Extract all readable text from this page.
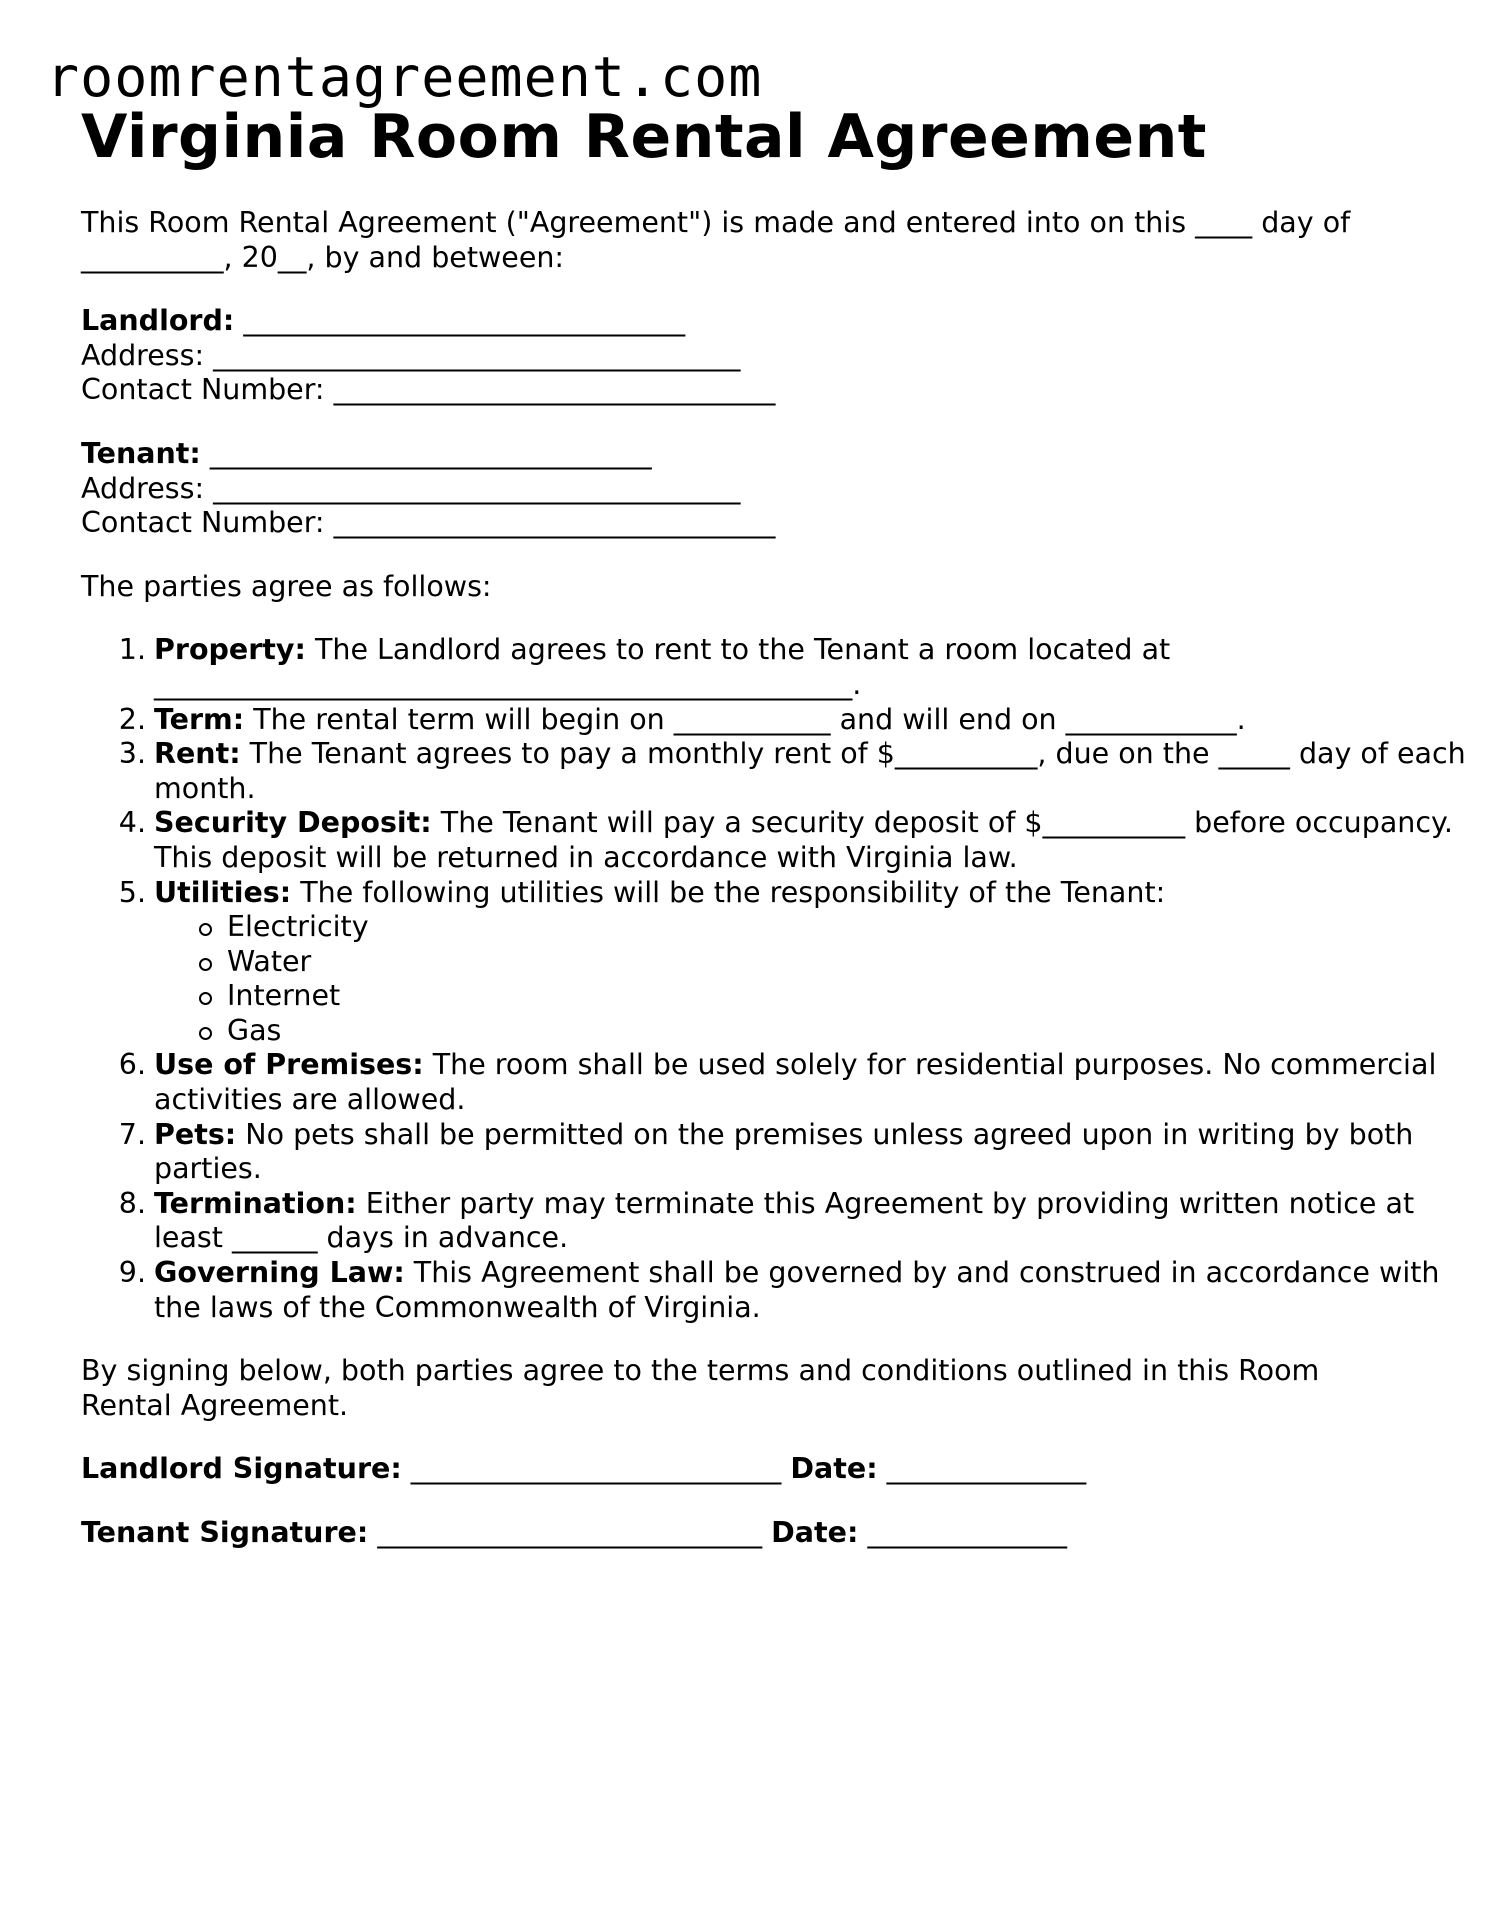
roomrentagreement.com
Virginia Room Rental Agreement

This Room Rental Agreement ("Agreement") is made and entered into on this ____ day of
__________, 20__, by and between:

Landlord: _______________________________
Address: _____________________________________
Contact Number: _______________________________
Tenant: _______________________________
Address: _____________________________________
Contact Number: _______________________________

The parties agree as follows:

Property: The Landlord agrees to rent to the Tenant a room located at
_________________________________________________.
Term: The rental term will begin on ___________ and will end on ____________.
Rent: The Tenant agrees to pay a monthly rent of $__________, due on the _____ day of each month.
Security Deposit: The Tenant will pay a security deposit of $__________ before occupancy. This deposit will be returned in accordance with Virginia law.
Utilities: The following utilities will be the responsibility of the Tenant:
Electricity
Water
Internet
Gas
Use of Premises: The room shall be used solely for residential purposes. No commercial activities are allowed.
Pets: No pets shall be permitted on the premises unless agreed upon in writing by both parties.
Termination: Either party may terminate this Agreement by providing written notice at least ______ days in advance.
Governing Law: This Agreement shall be governed by and construed in accordance with the laws of the Commonwealth of Virginia.

By signing below, both parties agree to the terms and conditions outlined in this Room Rental Agreement.

Landlord Signature: __________________________ Date: ______________

Tenant Signature: ___________________________ Date: ______________
